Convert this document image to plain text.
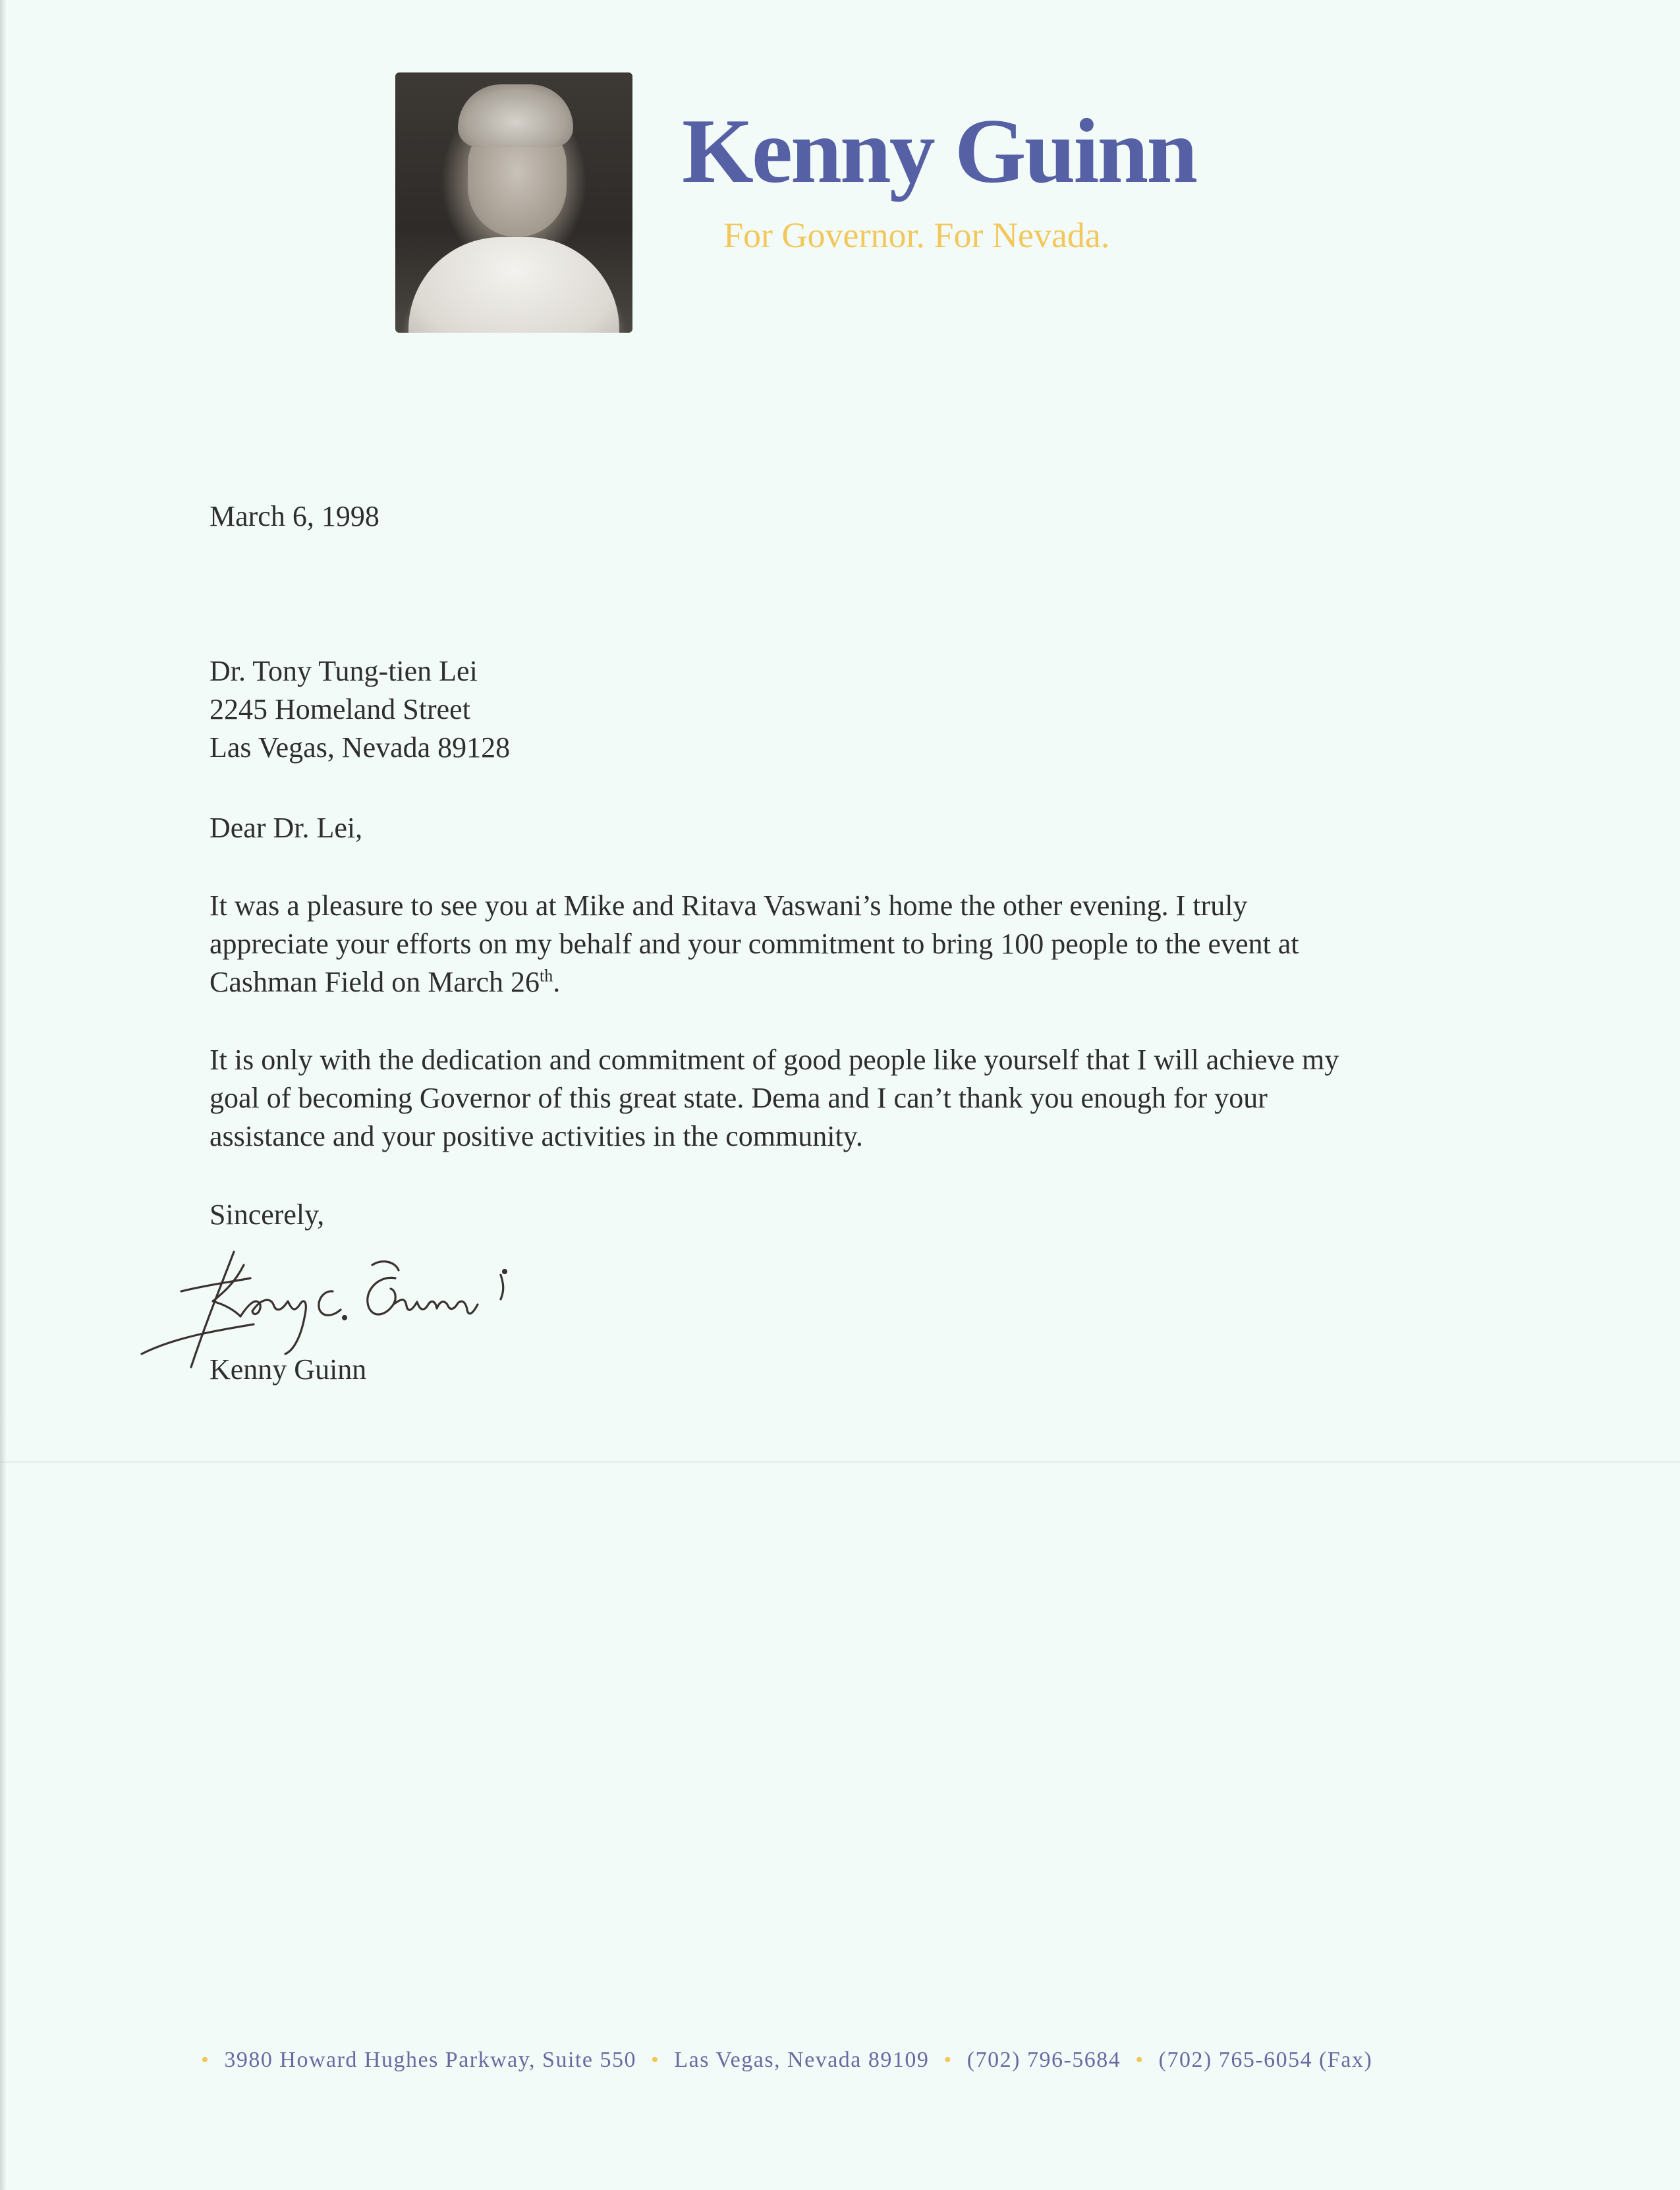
Kenny Guinn
For Governor. For Nevada.
March 6, 1998
Dr. Tony Tung-tien Lei
2245 Homeland Street
Las Vegas, Nevada 89128
Dear Dr. Lei,

It was a pleasure to see you at Mike and Ritava Vaswani’s home the other evening. I truly

appreciate your efforts on my behalf and your commitment to bring 100 people to the event at

Cashman Field on March 26th.

It is only with the dedication and commitment of good people like yourself that I will achieve my

goal of becoming Governor of this great state. Dema and I can’t thank you enough for your

assistance and your positive activities in the community.

Sincerely,
Kenny Guinn
• 3980 Howard Hughes Parkway, Suite 550 • Las Vegas, Nevada 89109 • (702) 796-5684 • (702) 765-6054 (Fax)
